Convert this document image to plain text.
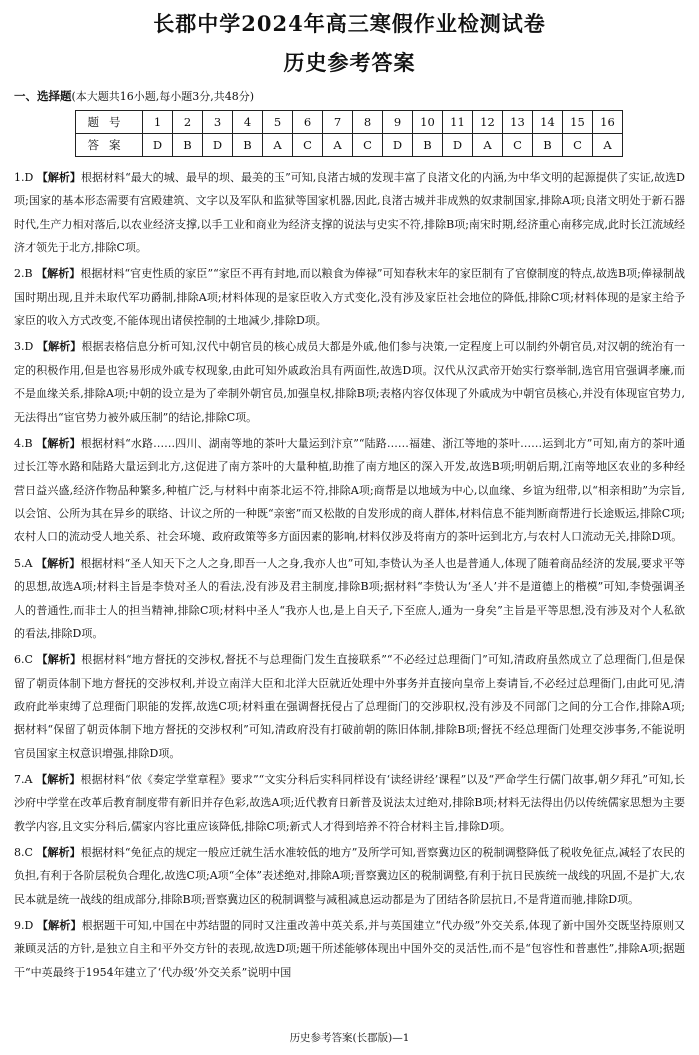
长郡中学2024年高三寒假作业检测试卷
历史参考答案
一、选择题(本大题共16小题,每小题3分,共48分)
题号	1	2	3	4	5	6	7	8	9	10	11	12	13	14	15	16
答案	D	B	D	B	A	C	A	C	D	B	D	A	C	B	C	A
1.D 【解析】根据材料“最大的城、最早的坝、最美的玉”可知,良渚古城的发现丰富了良渚文化的内涵,为中华文明的起源提供了实证,故选D项;国家的基本形态需要有宫殿建筑、文字以及军队和监狱等国家机器,因此,良渚古城并非成熟的奴隶制国家,排除A项;良渚文明处于新石器时代,生产力相对落后,以农业经济支撑,以手工业和商业为经济支撑的说法与史实不符,排除B项;南宋时期,经济重心南移完成,此时长江流域经济才领先于北方,排除C项。
2.B 【解析】根据材料“官吏性质的家臣”“家臣不再有封地,而以粮食为俸禄”可知春秋末年的家臣制有了官僚制度的特点,故选B项;俸禄制战国时期出现,且并未取代军功爵制,排除A项;材料体现的是家臣收入方式变化,没有涉及家臣社会地位的降低,排除C项;材料体现的是家主给予家臣的收入方式改变,不能体现出诸侯控制的土地减少,排除D项。
3.D 【解析】根据表格信息分析可知,汉代中朝官员的核心成员大都是外戚,他们参与决策,一定程度上可以制约外朝官员,对汉朝的统治有一定的积极作用,但是也容易形成外戚专权现象,由此可知外戚政治具有两面性,故选D项。汉代从汉武帝开始实行察举制,选官用官强调孝廉,而不是血缘关系,排除A项;中朝的设立是为了牵制外朝官员,加强皇权,排除B项;表格内容仅体现了外戚成为中朝官员核心,并没有体现宦官势力,无法得出“宦官势力被外戚压制”的结论,排除C项。
4.B 【解析】根据材料“水路……四川、湖南等地的茶叶大量运到汴京”“陆路……福建、浙江等地的茶叶……运到北方”可知,南方的茶叶通过长江等水路和陆路大量运到北方,这促进了南方茶叶的大量种植,助推了南方地区的深入开发,故选B项;明朝后期,江南等地区农业的多种经营日益兴盛,经济作物品种繁多,种植广泛,与材料中南茶北运不符,排除A项;商帮是以地域为中心,以血缘、乡谊为纽带,以“相亲相助”为宗旨,以会馆、公所为其在异乡的联络、计议之所的一种既“亲密”而又松散的自发形成的商人群体,材料信息不能判断商帮进行长途贩运,排除C项;农村人口的流动受人地关系、社会环境、政府政策等多方面因素的影响,材料仅涉及将南方的茶叶运到北方,与农村人口流动无关,排除D项。
5.A 【解析】根据材料“圣人知天下之人之身,即吾一人之身,我亦人也”可知,李贽认为圣人也是普通人,体现了随着商品经济的发展,要求平等的思想,故选A项;材料主旨是李贽对圣人的看法,没有涉及君主制度,排除B项;据材料“李贽认为‘圣人’并不是道德上的楷模”可知,李贽强调圣人的普通性,而非士人的担当精神,排除C项;材料中圣人“我亦人也,是上自天子,下至庶人,通为一身矣”主旨是平等思想,没有涉及对个人私欲的看法,排除D项。
6.C 【解析】根据材料“地方督抚的交涉权,督抚不与总理衙门发生直接联系”“不必经过总理衙门”可知,清政府虽然成立了总理衙门,但是保留了朝贡体制下地方督抚的交涉权利,并设立南洋大臣和北洋大臣就近处理中外事务并直接向皇帝上奏请旨,不必经过总理衙门,由此可见,清政府此举束缚了总理衙门职能的发挥,故选C项;材料重在强调督抚侵占了总理衙门的交涉职权,没有涉及不同部门之间的分工合作,排除A项;据材料“保留了朝贡体制下地方督抚的交涉权利”可知,清政府没有打破前朝的陈旧体制,排除B项;督抚不经总理衙门处理交涉事务,不能说明官员国家主权意识增强,排除D项。
7.A 【解析】根据材料“依《奏定学堂章程》要求”“文实分科后实科同样设有‘读经讲经’课程”以及“严命学生行儒门故事,朝夕拜孔”可知,长沙府中学堂在改革后教育制度带有新旧并存色彩,故选A项;近代教育日新普及说法太过绝对,排除B项;材料无法得出仍以传统儒家思想为主要教学内容,且文实分科后,儒家内容比重应该降低,排除C项;新式人才得到培养不符合材料主旨,排除D项。
8.C 【解析】根据材料“免征点的规定一般应迁就生活水准较低的地方”及所学可知,晋察冀边区的税制调整降低了税收免征点,减轻了农民的负担,有利于各阶层税负合理化,故选C项;A项“全体”表述绝对,排除A项;晋察冀边区的税制调整,有利于抗日民族统一战线的巩固,不是扩大,农民本就是统一战线的组成部分,排除B项;晋察冀边区的税制调整与减租减息运动都是为了团结各阶层抗日,不是背道而驰,排除D项。
9.D 【解析】根据题干可知,中国在中苏结盟的同时又注重改善中英关系,并与英国建立“代办级”外交关系,体现了新中国外交既坚持原则又兼顾灵活的方针,是独立自主和平外交方针的表现,故选D项;题干所述能够体现出中国外交的灵活性,而不是“包容性和普惠性”,排除A项;据题干“中英最终于1954年建立了‘代办级’外交关系”说明中国
历史参考答案(长郡版)—1
